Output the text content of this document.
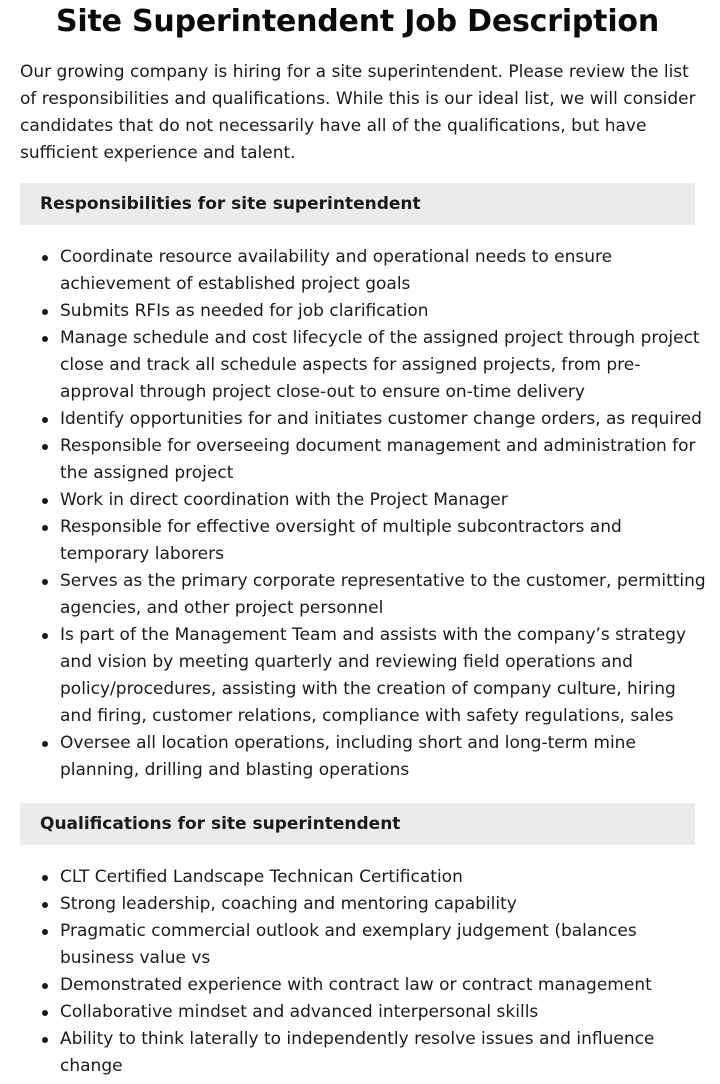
Site Superintendent Job Description

Our growing company is hiring for a site superintendent. Please review the list of responsibilities and qualifications. While this is our ideal list, we will consider candidates that do not necessarily have all of the qualifications, but have sufficient experience and talent.

Responsibilities for site superintendent
Coordinate resource availability and operational needs to ensure achievement of established project goals
Submits RFIs as needed for job clarification
Manage schedule and cost lifecycle of the assigned project through project close and track all schedule aspects for assigned projects, from pre-approval through project close-out to ensure on-time delivery
Identify opportunities for and initiates customer change orders, as required
Responsible for overseeing document management and administration for the assigned project
Work in direct coordination with the Project Manager
Responsible for effective oversight of multiple subcontractors and temporary laborers
Serves as the primary corporate representative to the customer, permitting agencies, and other project personnel
Is part of the Management Team and assists with the company’s strategy and vision by meeting quarterly and reviewing field operations and policy/procedures, assisting with the creation of company culture, hiring and firing, customer relations, compliance with safety regulations, sales
Oversee all location operations, including short and long-term mine planning, drilling and blasting operations
Qualifications for site superintendent
CLT Certified Landscape Technican Certification
Strong leadership, coaching and mentoring capability
Pragmatic commercial outlook and exemplary judgement (balances business value vs
Demonstrated experience with contract law or contract management
Collaborative mindset and advanced interpersonal skills
Ability to think laterally to independently resolve issues and influence change
